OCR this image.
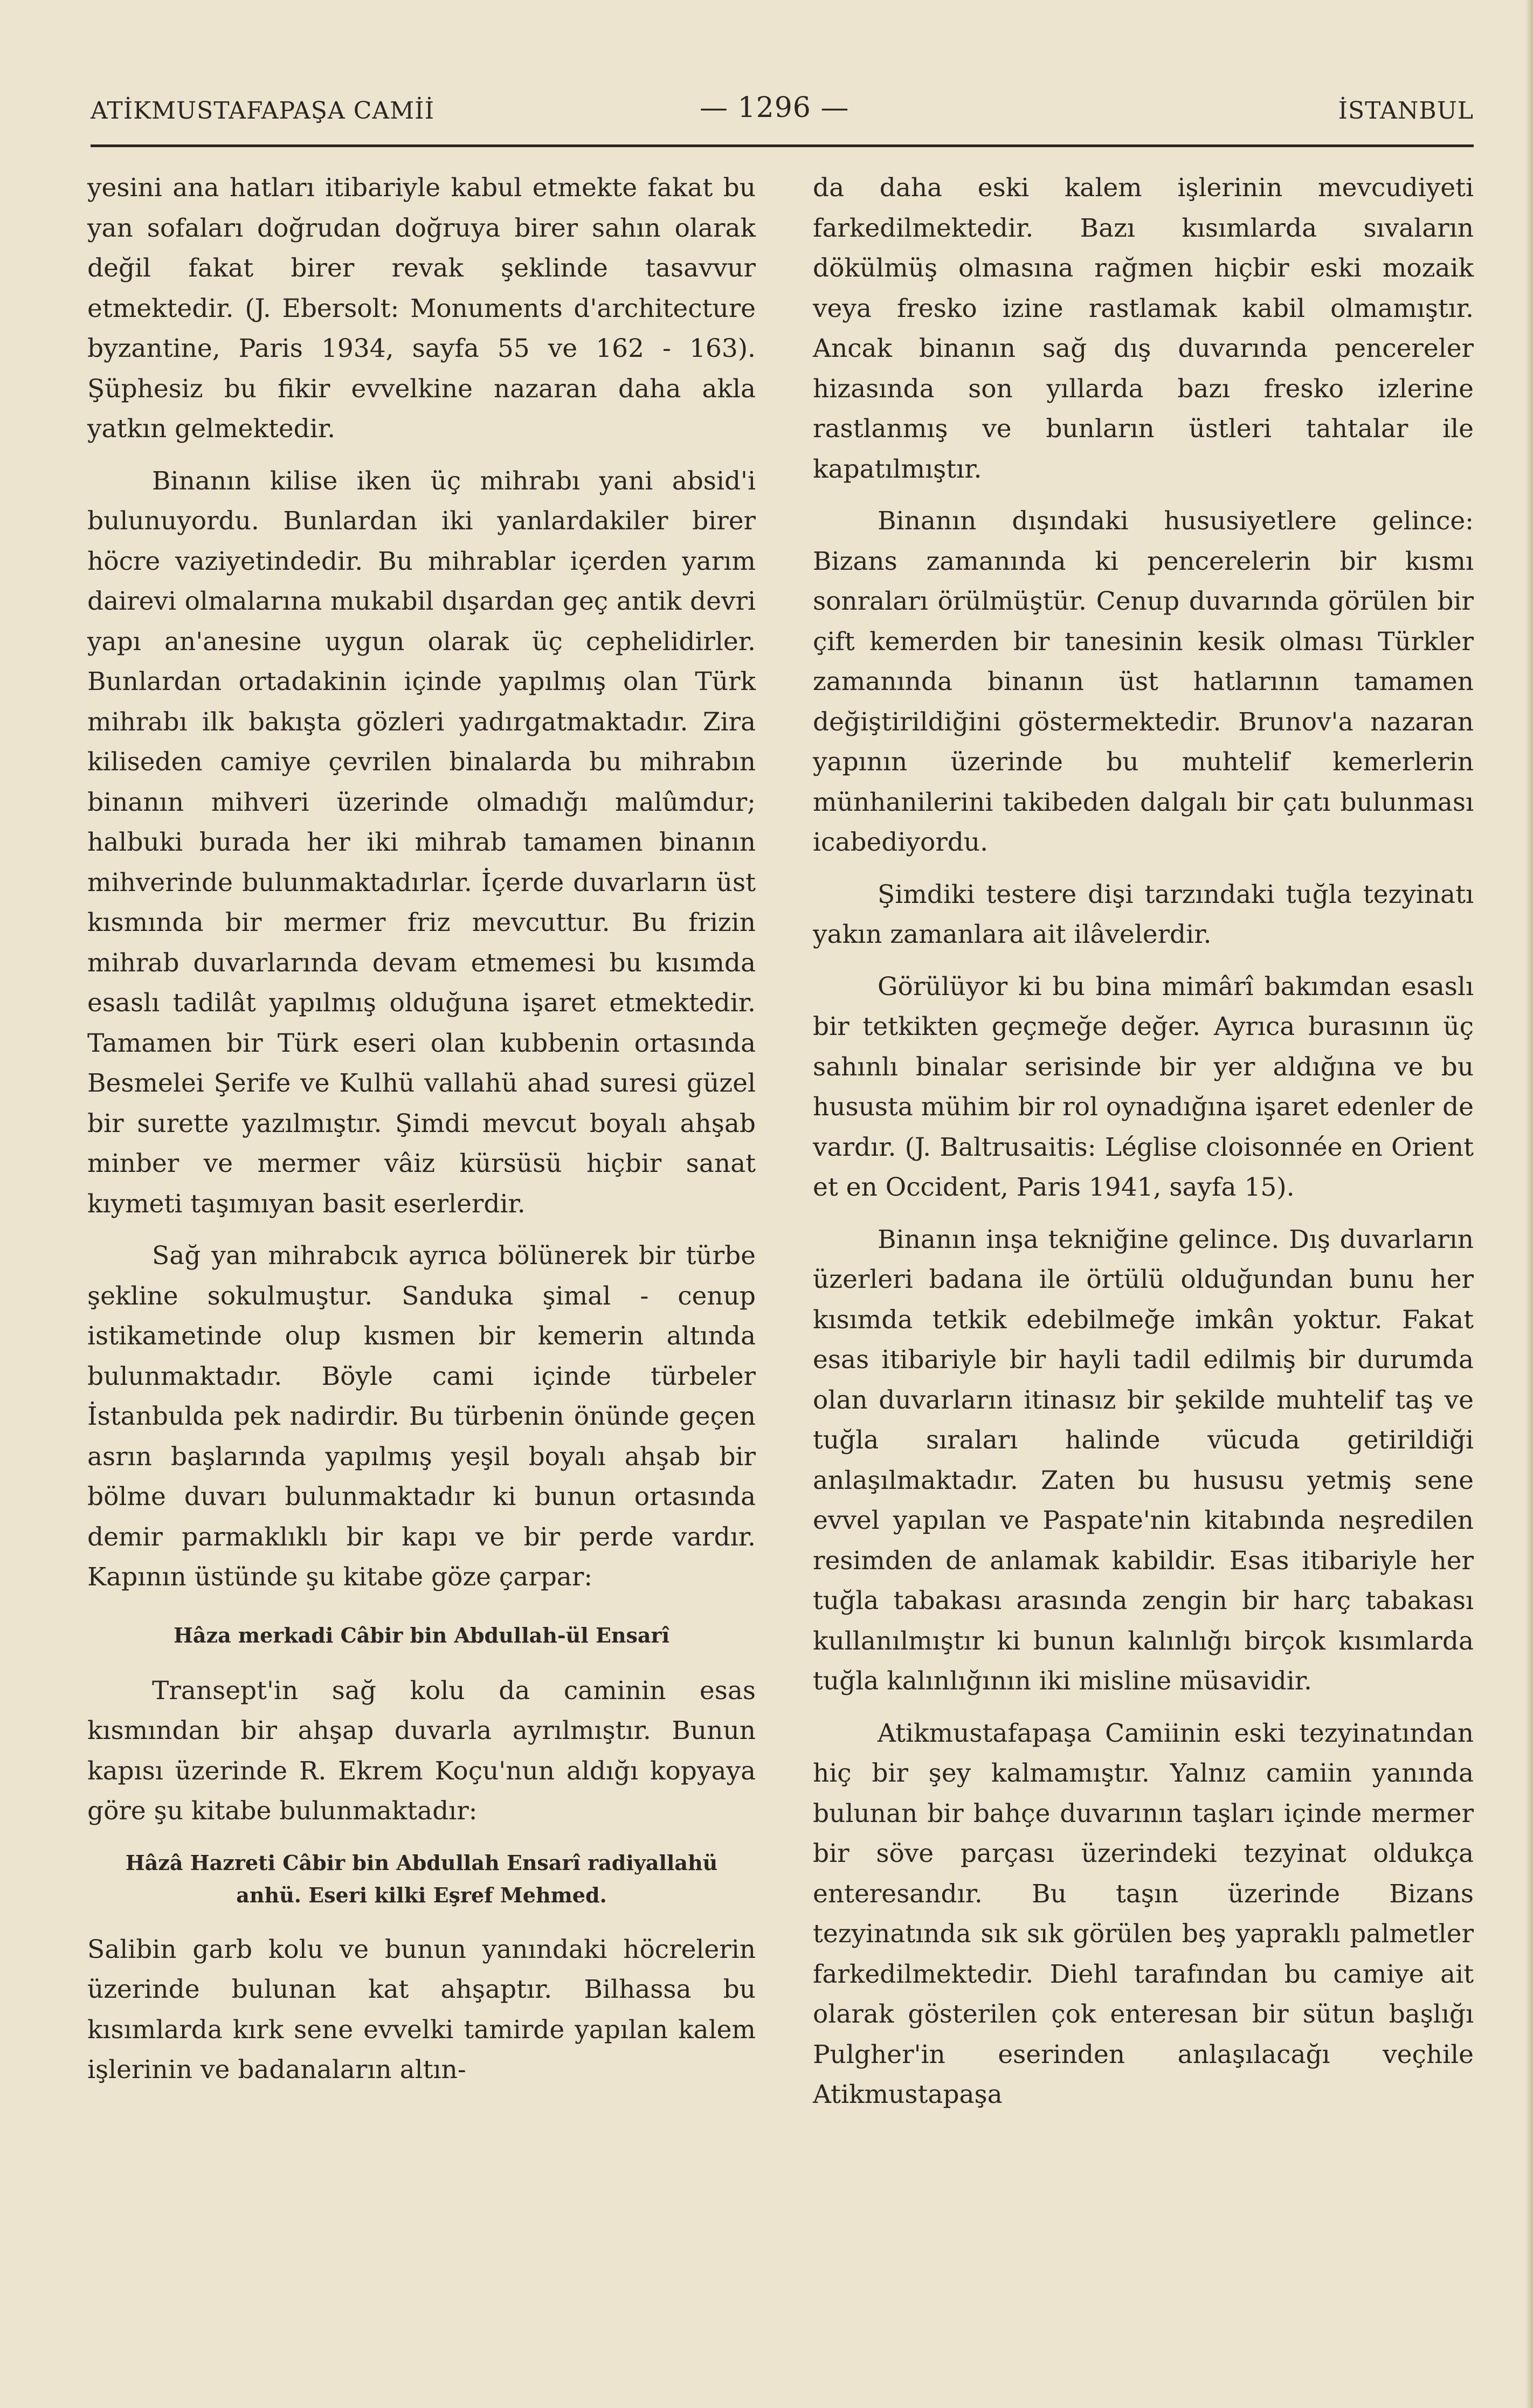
ATİKMUSTAFAPAŞA CAMİİ	— 1296 —	İSTANBUL

yesini ana hatları itibariyle kabul etmekte fakat bu yan sofaları doğrudan doğruya birer sahın olarak değil fakat birer revak şeklinde tasavvur etmektedir. (J. Ebersolt: Monuments d'architecture byzantine, Paris 1934, sayfa 55 ve 162 - 163). Şüphesiz bu fikir evvelkine nazaran daha akla yatkın gelmektedir.

Binanın kilise iken üç mihrabı yani absid'i bulunuyordu. Bunlardan iki yanlardakiler birer höcre vaziyetindedir. Bu mihrablar içerden yarım dairevi olmalarına mukabil dışardan geç antik devri yapı an'anesine uygun olarak üç cephelidirler. Bunlardan ortadakinin içinde yapılmış olan Türk mihrabı ilk bakışta gözleri yadırgatmaktadır. Zira kiliseden camiye çevrilen binalarda bu mihrabın binanın mihveri üzerinde olmadığı malûmdur; halbuki burada her iki mihrab tamamen binanın mihverinde bulunmaktadırlar. İçerde duvarların üst kısmında bir mermer friz mevcuttur. Bu frizin mihrab duvarlarında devam etmemesi bu kısımda esaslı tadilât yapılmış olduğuna işaret etmektedir. Tamamen bir Türk eseri olan kubbenin ortasında Besmelei Şerife ve Kulhü vallahü ahad suresi güzel bir surette yazılmıştır. Şimdi mevcut boyalı ahşab minber ve mermer vâiz kürsüsü hiçbir sanat kıymeti taşımıyan basit eserlerdir.

Sağ yan mihrabcık ayrıca bölünerek bir türbe şekline sokulmuştur. Sanduka şimal - cenup istikametinde olup kısmen bir kemerin altında bulunmaktadır. Böyle cami içinde türbeler İstanbulda pek nadirdir. Bu türbenin önünde geçen asrın başlarında yapılmış yeşil boyalı ahşab bir bölme duvarı bulunmaktadır ki bunun ortasında demir parmaklıklı bir kapı ve bir perde vardır. Kapının üstünde şu kitabe göze çarpar:

Hâza merkadi Câbir bin Abdullah-ül Ensarî

Transept'in sağ kolu da caminin esas kısmından bir ahşap duvarla ayrılmıştır. Bunun kapısı üzerinde R. Ekrem Koçu'nun aldığı kopyaya göre şu kitabe bulunmaktadır:

Hâzâ Hazreti Câbir bin Abdullah Ensarî radiyallahü
anhü. Eseri kilki Eşref Mehmed.

Salibin garb kolu ve bunun yanındaki höcrelerin üzerinde bulunan kat ahşaptır. Bilhassa bu kısımlarda kırk sene evvelki tamirde yapılan kalem işlerinin ve badanaların altın-

da daha eski kalem işlerinin mevcudiyeti farkedilmektedir. Bazı kısımlarda sıvaların dökülmüş olmasına rağmen hiçbir eski mozaik veya fresko izine rastlamak kabil olmamıştır. Ancak binanın sağ dış duvarında pencereler hizasında son yıllarda bazı fresko izlerine rastlanmış ve bunların üstleri tahtalar ile kapatılmıştır.

Binanın dışındaki hususiyetlere gelince: Bizans zamanında ki pencerelerin bir kısmı sonraları örülmüştür. Cenup duvarında görülen bir çift kemerden bir tanesinin kesik olması Türkler zamanında binanın üst hatlarının tamamen değiştirildiğini göstermektedir. Brunov'a nazaran yapının üzerinde bu muhtelif kemerlerin münhanilerini takibeden dalgalı bir çatı bulunması icabediyordu.

Şimdiki testere dişi tarzındaki tuğla tezyinatı yakın zamanlara ait ilâvelerdir.

Görülüyor ki bu bina mimârî bakımdan esaslı bir tetkikten geçmeğe değer. Ayrıca burasının üç sahınlı binalar serisinde bir yer aldığına ve bu hususta mühim bir rol oynadığına işaret edenler de vardır. (J. Baltrusaitis: Léglise cloisonnée en Orient et en Occident, Paris 1941, sayfa 15).

Binanın inşa tekniğine gelince. Dış duvarların üzerleri badana ile örtülü olduğundan bunu her kısımda tetkik edebilmeğe imkân yoktur. Fakat esas itibariyle bir hayli tadil edilmiş bir durumda olan duvarların itinasız bir şekilde muhtelif taş ve tuğla sıraları halinde vücuda getirildiği anlaşılmaktadır. Zaten bu hususu yetmiş sene evvel yapılan ve Paspate'nin kitabında neşredilen resimden de anlamak kabildir. Esas itibariyle her tuğla tabakası arasında zengin bir harç tabakası kullanılmıştır ki bunun kalınlığı birçok kısımlarda tuğla kalınlığının iki misline müsavidir.

Atikmustafapaşa Camiinin eski tezyinatından hiç bir şey kalmamıştır. Yalnız camiin yanında bulunan bir bahçe duvarının taşları içinde mermer bir söve parçası üzerindeki tezyinat oldukça enteresandır. Bu taşın üzerinde Bizans tezyinatında sık sık görülen beş yapraklı palmetler farkedilmektedir. Diehl tarafından bu camiye ait olarak gösterilen çok enteresan bir sütun başlığı Pulgher'in eserinden anlaşılacağı veçhile Atikmustapaşa
